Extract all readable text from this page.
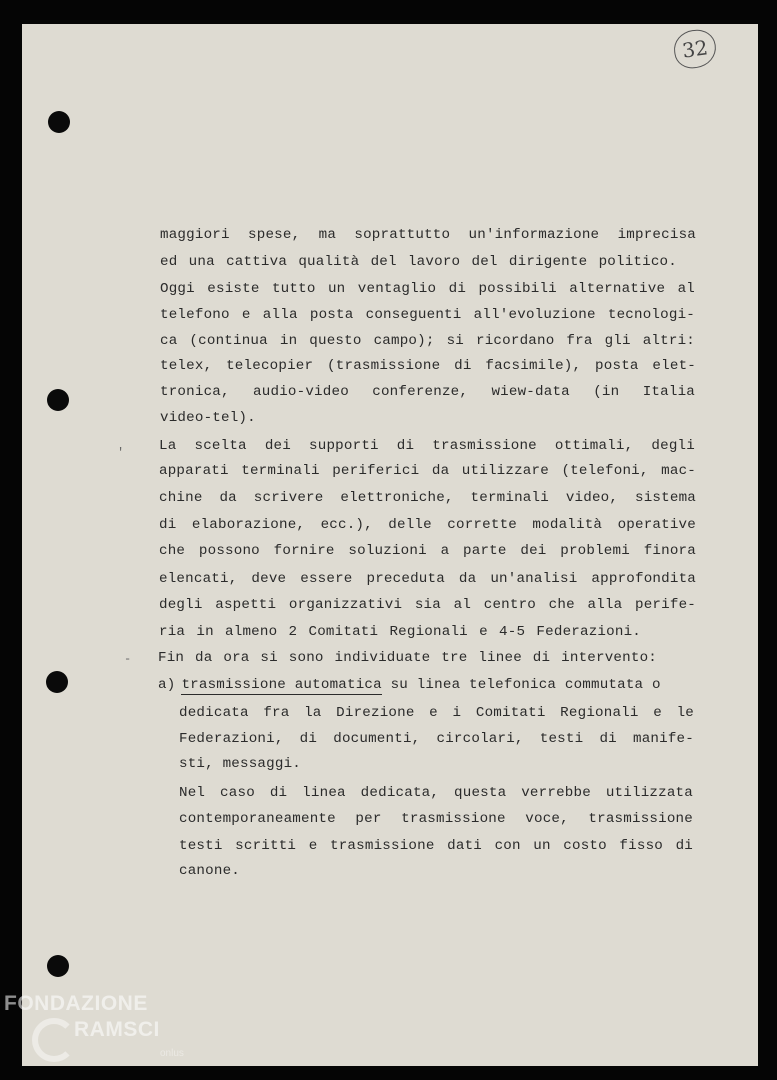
32
maggiori spese, ma soprattutto un'informazione imprecisa
ed una cattiva qualità del lavoro del dirigente politico.
Oggi esiste tutto un ventaglio di possibili alternative al
telefono e alla posta conseguenti all'evoluzione tecnologi-
ca (continua in questo campo); si ricordano fra gli altri:
telex, telecopier (trasmissione di facsimile), posta elet-
tronica, audio-video conferenze, wiew-data (in Italia
video-tel).
La scelta dei supporti di trasmissione ottimali, degli
apparati terminali periferici da utilizzare (telefoni, mac-
chine da scrivere elettroniche, terminali video, sistema
di elaborazione, ecc.), delle corrette modalità operative
che possono fornire soluzioni a parte dei problemi finora
elencati, deve essere preceduta da un'analisi approfondita
degli aspetti organizzativi sia al centro che alla perife-
ria in almeno 2 Comitati Regionali e 4-5 Federazioni.
Fin da ora si sono individuate tre linee di intervento:
a) trasmissione automatica su linea telefonica commutata o
dedicata fra la Direzione e i Comitati Regionali e le
Federazioni, di documenti, circolari, testi di manife-
sti, messaggi.
Nel caso di linea dedicata, questa verrebbe utilizzata
contemporaneamente per trasmissione voce, trasmissione
testi scritti e trasmissione dati con un costo fisso di
canone.
'
-
FONDAZIONE
RAMSCI
onlus
